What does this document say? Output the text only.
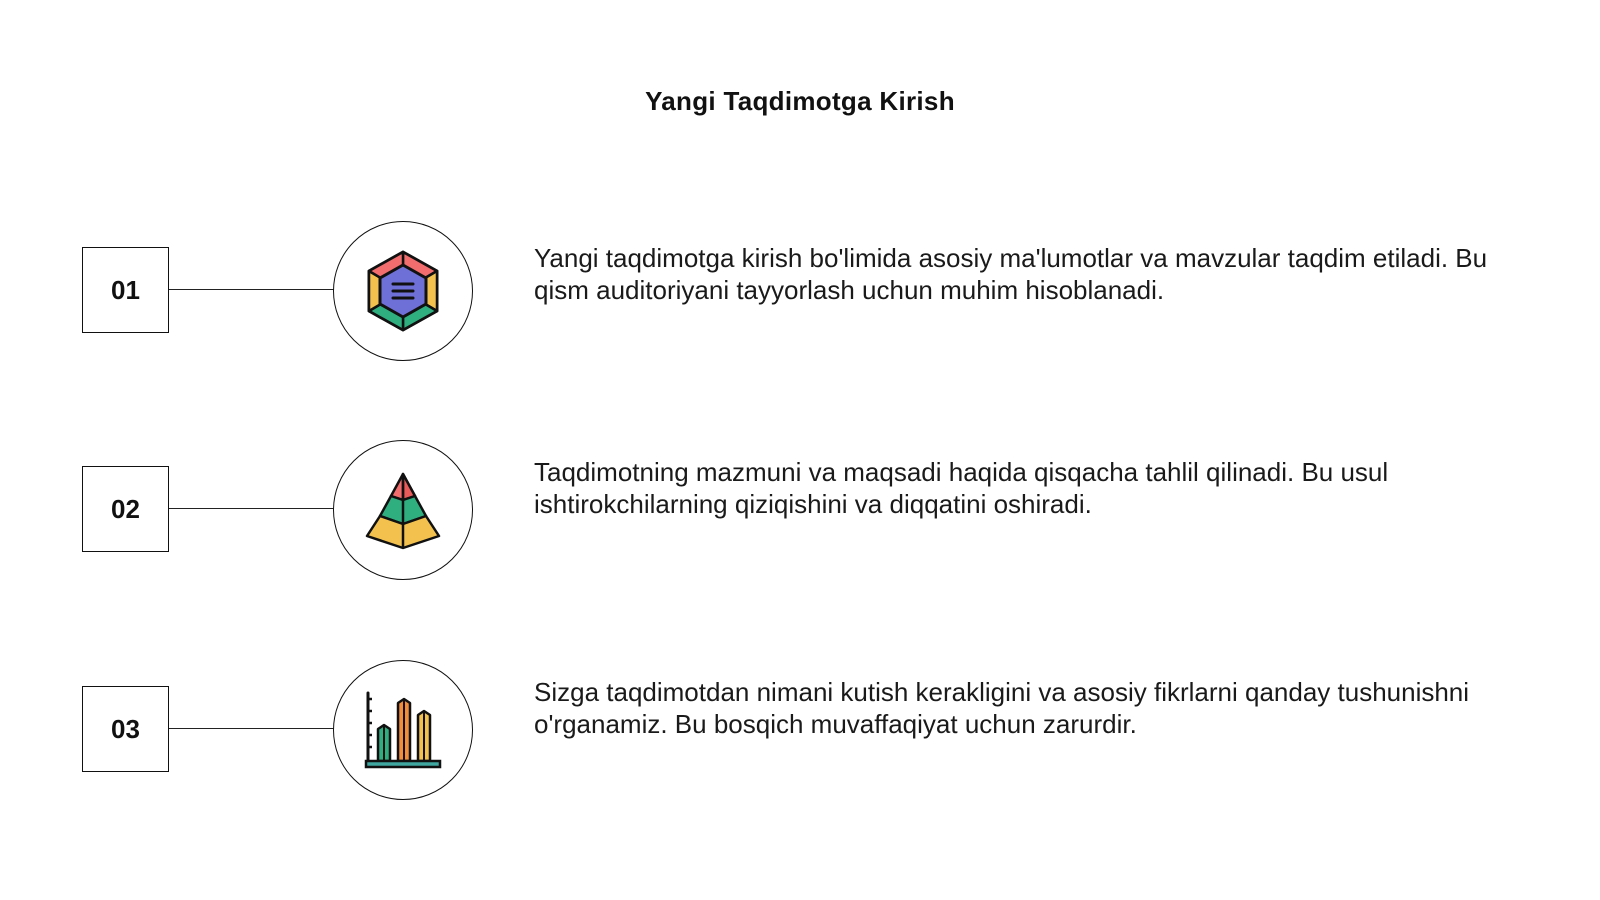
Yangi Taqdimotga Kirish
01
Yangi taqdimotga kirish bo'limida asosiy ma'lumotlar va mavzular taqdim etiladi. Bu qism auditoriyani tayyorlash uchun muhim hisoblanadi.
02
Taqdimotning mazmuni va maqsadi haqida qisqacha tahlil qilinadi. Bu usul ishtirokchilarning qiziqishini va diqqatini oshiradi.
03
Sizga taqdimotdan nimani kutish kerakligini va asosiy fikrlarni qanday tushunishni o'rganamiz. Bu bosqich muvaffaqiyat uchun zarurdir.
